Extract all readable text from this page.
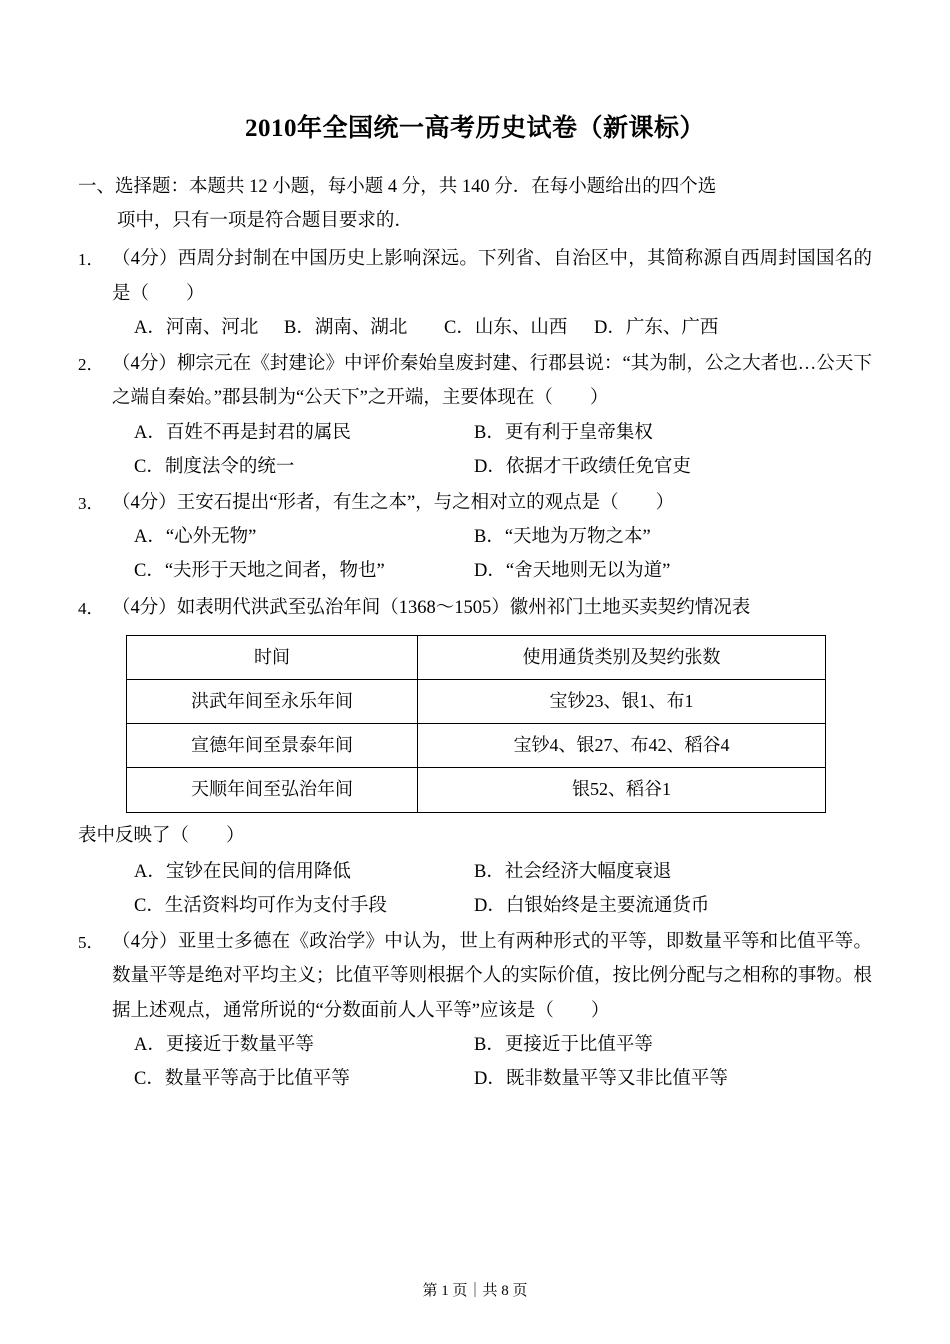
2010年全国统一高考历史试卷（新课标）
一、选择题：本题共 12 小题，每小题 4 分，共 140 分．在每小题给出的四个选
项中，只有一项是符合题目要求的．
1． （4分）西周分封制在中国历史上影响深远。下列省、自治区中，其简称源自西周封国国名的是（　　）
A．河南、河北	B．湖南、湖北	C．山东、山西	D．广东、广西
2． （4分）柳宗元在《封建论》中评价秦始皇废封建、行郡县说：“其为制，公之大者也…公天下之端自秦始。”郡县制为“公天下”之开端，主要体现在（　　）
A．百姓不再是封君的属民	B．更有利于皇帝集权
C．制度法令的统一	D．依据才干政绩任免官吏
3． （4分）王安石提出“形者，有生之本”，与之相对立的观点是（　　）
A．“心外无物”	B．“天地为万物之本”
C．“夫形于天地之间者，物也”	D．“舍天地则无以为道”
4． （4分）如表明代洪武至弘治年间（1368～1505）徽州祁门土地买卖契约情况表
时间	使用通货类别及契约张数
洪武年间至永乐年间	宝钞23、银1、布1
宣德年间至景泰年间	宝钞4、银27、布42、稻谷4
天顺年间至弘治年间	银52、稻谷1
表中反映了（　　）
A．宝钞在民间的信用降低	B．社会经济大幅度衰退
C．生活资料均可作为支付手段	D．白银始终是主要流通货币
5． （4分）亚里士多德在《政治学》中认为，世上有两种形式的平等，即数量平等和比值平等。数量平等是绝对平均主义；比值平等则根据个人的实际价值，按比例分配与之相称的事物。根据上述观点，通常所说的“分数面前人人平等”应该是（　　）
A．更接近于数量平等	B．更接近于比值平等
C．数量平等高于比值平等	D．既非数量平等又非比值平等
第 1 页｜共 8 页
